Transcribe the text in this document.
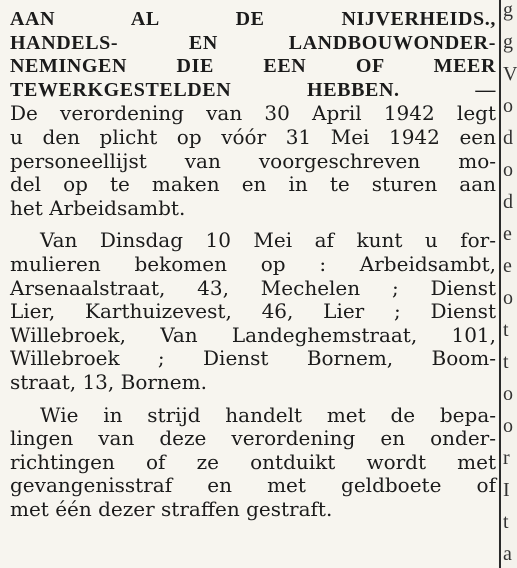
AAN AL DE NIJVERHEIDS.,
HANDELS- EN LANDBOUWONDER-
NEMINGEN DIE EEN OF MEER
TEWERKGESTELDEN HEBBEN. —
De verordening van 30 April 1942 legt
u den plicht op vóór 31 Mei 1942 een
personeellijst van voorgeschreven mo-
del op te maken en in te sturen aan
het Arbeidsambt.
Van Dinsdag 10 Mei af kunt u for-
mulieren bekomen op : Arbeidsambt,
Arsenaalstraat, 43, Mechelen ; Dienst
Lier, Karthuizevest, 46, Lier ; Dienst
Willebroek, Van Landeghemstraat, 101,
Willebroek ; Dienst Bornem, Boom-
straat, 13, Bornem.
Wie in strijd handelt met de bepa-
lingen van deze verordening en onder-
richtingen of ze ontduikt wordt met
gevangenisstraf en met geldboete of
met één dezer straffen gestraft.
g
g
V
o
d
o
d
e
e
o
t
t
o
o
r
I
t
a
